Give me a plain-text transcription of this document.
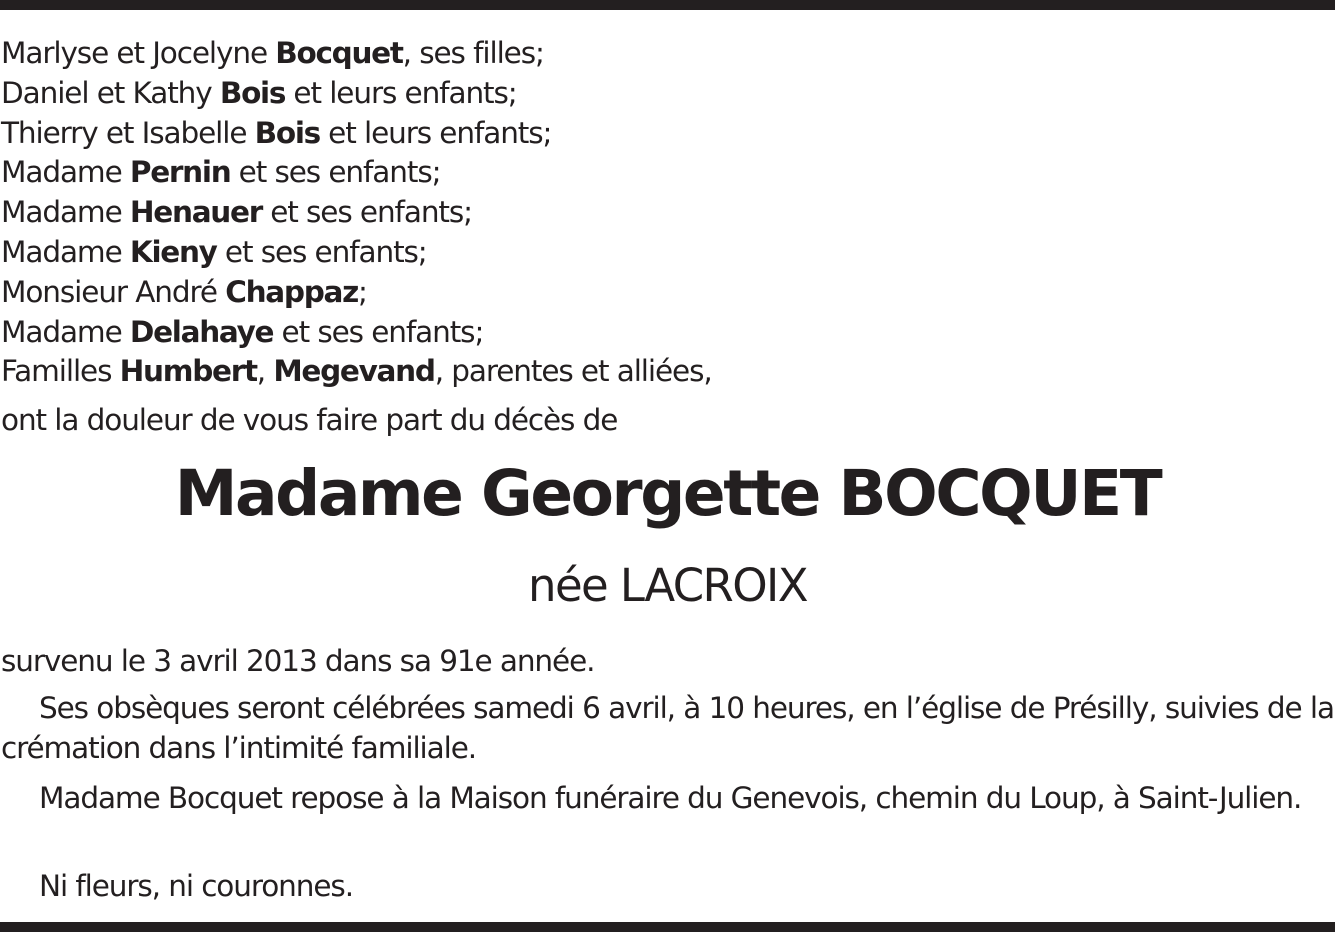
Marlyse et Jocelyne Bocquet, ses filles;
Daniel et Kathy Bois et leurs enfants;
Thierry et Isabelle Bois et leurs enfants;
Madame Pernin et ses enfants;
Madame Henauer et ses enfants;
Madame Kieny et ses enfants;
Monsieur André Chappaz;
Madame Delahaye et ses enfants;
Familles Humbert, Megevand, parentes et alliées,
ont la douleur de vous faire part du décès de
Madame Georgette BOCQUET
née LACROIX
survenu le 3 avril 2013 dans sa 91e année.

Ses obsèques seront célébrées samedi 6 avril, à 10 heures, en l’église de Présilly, suivies de la crémation dans l’intimité familiale.

Madame Bocquet repose à la Maison funéraire du Genevois, chemin du Loup, à Saint-Julien.

Ni fleurs, ni couronnes.
